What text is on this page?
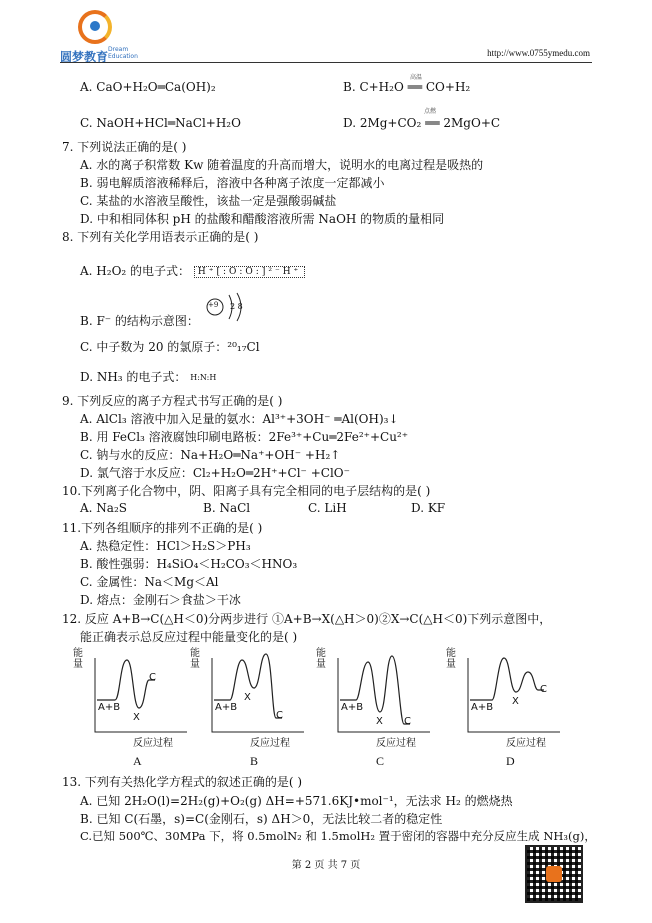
圆梦教育
Dream Education	http://www.0755ymedu.com
A. CaO+H₂O═Ca(OH)₂	B. C+H₂O ══ CO+H₂
高温
C. NaOH+HCl═NaCl+H₂O	D. 2Mg+CO₂ ══ 2MgO+C
点燃
7. 下列说法正确的是( )
A. 水的离子积常数 Kw 随着温度的升高而增大，说明水的电离过程是吸热的
B. 弱电解质溶液稀释后，溶液中各种离子浓度一定都减小
C. 某盐的水溶液呈酸性，该盐一定是强酸弱碱盐
D. 中和相同体积 pH 的盐酸和醋酸溶液所需 NaOH 的物质的量相同
8. 下列有关化学用语表示正确的是( )
A. H₂O₂ 的电子式： H⁺[:O:O:]²⁻H⁺
B. F⁻ 的结构示意图：
+9 2 8
C. 中子数为 20 的氯原子：²⁰₁₇Cl
D. NH₃ 的电子式： H:N:H
9. 下列反应的离子方程式书写正确的是( )
A. AlCl₃ 溶液中加入足量的氨水：Al³⁺+3OH⁻ ═Al(OH)₃↓
B. 用 FeCl₃ 溶液腐蚀印刷电路板：2Fe³⁺+Cu═2Fe²⁺+Cu²⁺
C. 钠与水的反应：Na+H₂O═Na⁺+OH⁻ +H₂↑
D. 氯气溶于水反应：Cl₂+H₂O═2H⁺+Cl⁻ +ClO⁻
10.下列离子化合物中，阴、阳离子具有完全相同的电子层结构的是( )
A. Na₂S	B. NaCl	C. LiH	D. KF
11.下列各组顺序的排列不正确的是( )
A. 热稳定性：HCl＞H₂S＞PH₃
B. 酸性强弱：H₄SiO₄＜H₂CO₃＜HNO₃
C. 金属性：Na＜Mg＜Al
D. 熔点：金刚石＞食盐＞干冰
12. 反应 A+B→C(△H＜0)分两步进行 ①A+B→X(△H＞0)②X→C(△H＜0)下列示意图中，
能正确表示总反应过程中能量变化的是( )
能量
A+B
X
C
反应过程
A
能量
A+B
X
C
反应过程
B
能量
A+B
X C
反应过程
C
能量
A+B
X
C
反应过程
D
13. 下列有关热化学方程式的叙述正确的是( )
A. 已知 2H₂O(l)=2H₂(g)+O₂(g) ΔH=+571.6KJ•mol⁻¹，无法求 H₂ 的燃烧热
B. 已知 C(石墨，s)=C(金刚石，s) ΔH＞0，无法比较二者的稳定性
C.已知 500℃、30MPa 下，将 0.5molN₂ 和 1.5molH₂ 置于密闭的容器中充分反应生成 NH₃(g)，
第 2 页 共 7 页
